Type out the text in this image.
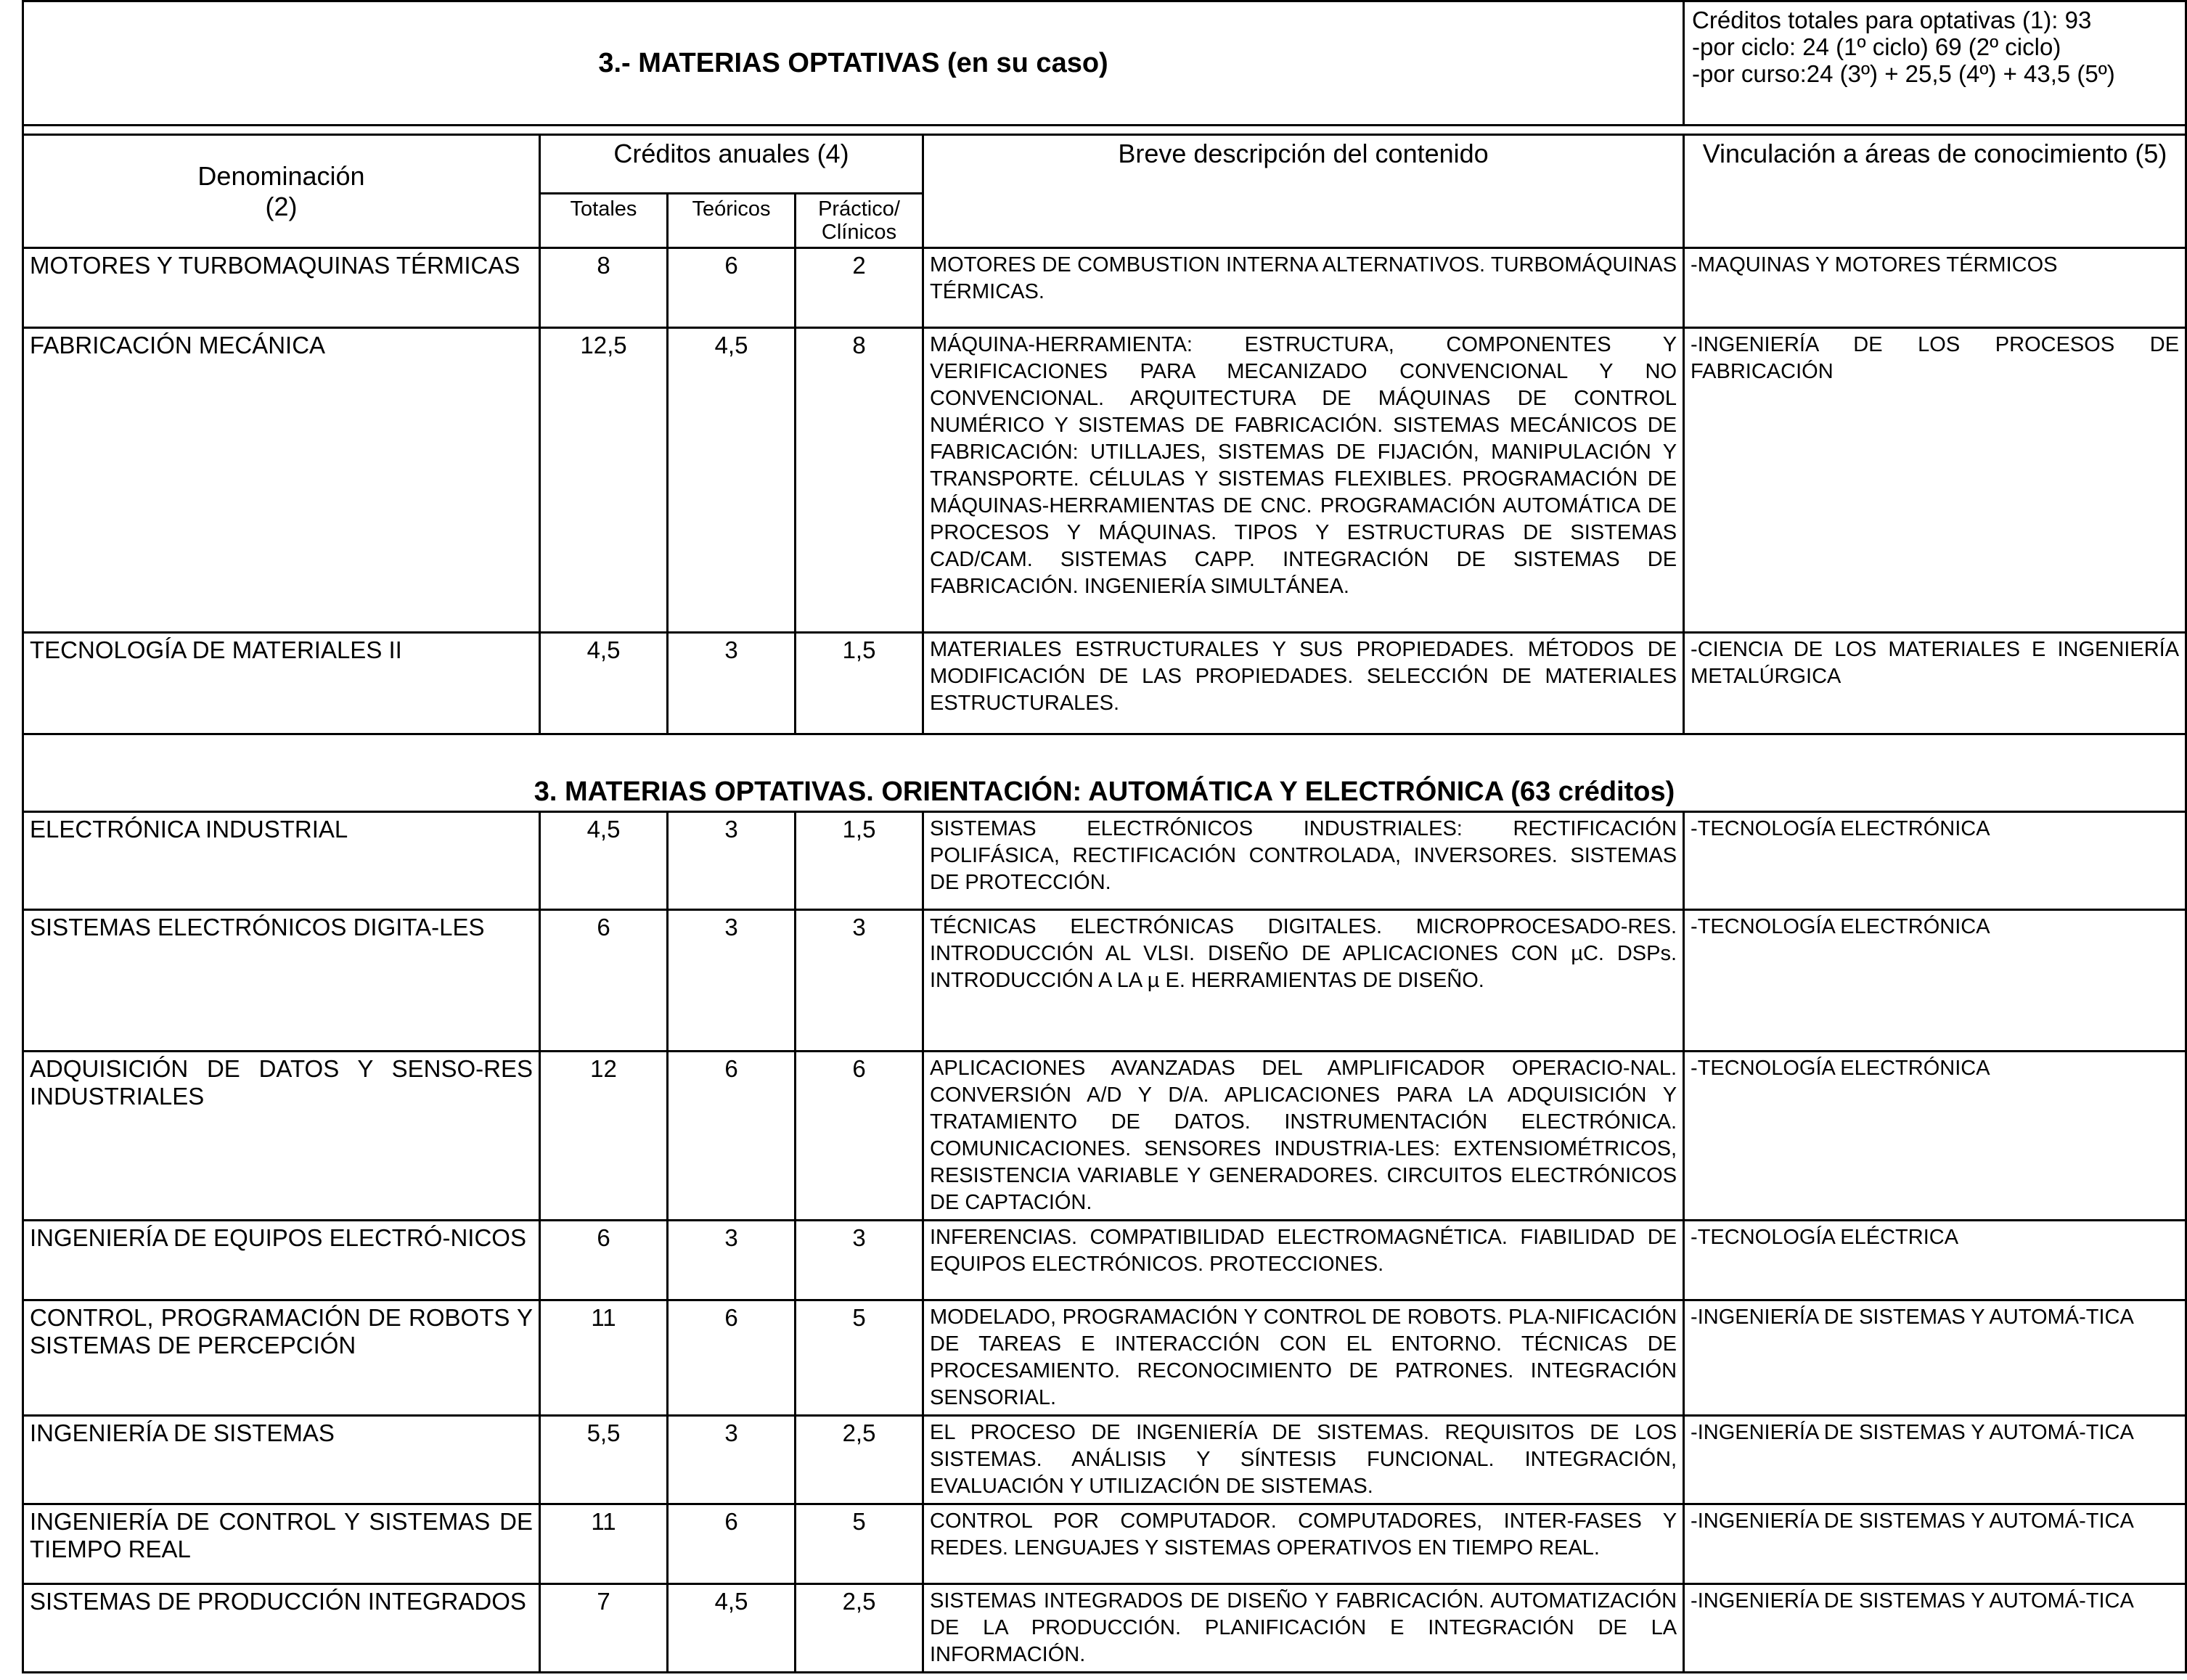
3.- MATERIAS OPTATIVAS (en su caso)					Créditos totales para optativas (1): 93
-por ciclo: 24 (1º ciclo) 69 (2º ciclo)
-por curso:24 (3º) + 25,5 (4º) + 43,5 (5º)

Denominación
(2)	Créditos anuales (4)			Breve descripción del contenido	Vinculación a áreas de conocimiento (5)
	Totales	Teóricos	Práctico/ Clínicos		
MOTORES Y TURBOMAQUINAS TÉRMICAS	8	6	2	MOTORES DE COMBUSTION INTERNA ALTERNATIVOS. TURBOMÁQUINAS TÉRMICAS.	-MAQUINAS Y MOTORES TÉRMICOS
FABRICACIÓN MECÁNICA	12,5	4,5	8	MÁQUINA-HERRAMIENTA: ESTRUCTURA, COMPONENTES Y VERIFICACIONES PARA MECANIZADO CONVENCIONAL Y NO CONVENCIONAL. ARQUITECTURA DE MÁQUINAS DE CONTROL NUMÉRICO Y SISTEMAS DE FABRICACIÓN. SISTEMAS MECÁNICOS DE FABRICACIÓN: UTILLAJES, SISTEMAS DE FIJACIÓN, MANIPULACIÓN Y TRANSPORTE. CÉLULAS Y SISTEMAS FLEXIBLES. PROGRAMACIÓN DE MÁQUINAS-HERRAMIENTAS DE CNC. PROGRAMACIÓN AUTOMÁTICA DE PROCESOS Y MÁQUINAS. TIPOS Y ESTRUCTURAS DE SISTEMAS CAD/CAM. SISTEMAS CAPP. INTEGRACIÓN DE SISTEMAS DE FABRICACIÓN. INGENIERÍA SIMULTÁNEA.	-INGENIERÍA DE LOS PROCESOS DE FABRICACIÓN
TECNOLOGÍA DE MATERIALES II	4,5	3	1,5	MATERIALES ESTRUCTURALES Y SUS PROPIEDADES. MÉTODOS DE MODIFICACIÓN DE LAS PROPIEDADES. SELECCIÓN DE MATERIALES ESTRUCTURALES.	-CIENCIA DE LOS MATERIALES E INGENIERÍA METALÚRGICA
3. MATERIAS OPTATIVAS. ORIENTACIÓN: AUTOMÁTICA Y ELECTRÓNICA (63 créditos)					
ELECTRÓNICA INDUSTRIAL	4,5	3	1,5	SISTEMAS ELECTRÓNICOS INDUSTRIALES: RECTIFICACIÓN POLIFÁSICA, RECTIFICACIÓN CONTROLADA, INVERSORES. SISTEMAS DE PROTECCIÓN.	-TECNOLOGÍA ELECTRÓNICA
SISTEMAS ELECTRÓNICOS DIGITA-LES	6	3	3	TÉCNICAS ELECTRÓNICAS DIGITALES. MICROPROCESADO-RES. INTRODUCCIÓN AL VLSI. DISEÑO DE APLICACIONES CON µC. DSPs. INTRODUCCIÓN A LA µ E. HERRAMIENTAS DE DISEÑO.	-TECNOLOGÍA ELECTRÓNICA
ADQUISICIÓN DE DATOS Y SENSO-RES INDUSTRIALES	12	6	6	APLICACIONES AVANZADAS DEL AMPLIFICADOR OPERACIO-NAL. CONVERSIÓN A/D Y D/A. APLICACIONES PARA LA ADQUISICIÓN Y TRATAMIENTO DE DATOS. INSTRUMENTACIÓN ELECTRÓNICA. COMUNICACIONES. SENSORES INDUSTRIA-LES: EXTENSIOMÉTRICOS, RESISTENCIA VARIABLE Y GENERADORES. CIRCUITOS ELECTRÓNICOS DE CAPTACIÓN.	-TECNOLOGÍA ELECTRÓNICA
INGENIERÍA DE EQUIPOS ELECTRÓ-NICOS	6	3	3	INFERENCIAS. COMPATIBILIDAD ELECTROMAGNÉTICA. FIABILIDAD DE EQUIPOS ELECTRÓNICOS. PROTECCIONES.	-TECNOLOGÍA ELÉCTRICA
CONTROL, PROGRAMACIÓN DE ROBOTS Y SISTEMAS DE PERCEPCIÓN	11	6	5	MODELADO, PROGRAMACIÓN Y CONTROL DE ROBOTS. PLA-NIFICACIÓN DE TAREAS E INTERACCIÓN CON EL ENTORNO. TÉCNICAS DE PROCESAMIENTO. RECONOCIMIENTO DE PATRONES. INTEGRACIÓN SENSORIAL.	-INGENIERÍA DE SISTEMAS Y AUTOMÁ-TICA
INGENIERÍA DE SISTEMAS	5,5	3	2,5	EL PROCESO DE INGENIERÍA DE SISTEMAS. REQUISITOS DE LOS SISTEMAS. ANÁLISIS Y SÍNTESIS FUNCIONAL. INTEGRACIÓN, EVALUACIÓN Y UTILIZACIÓN DE SISTEMAS.	-INGENIERÍA DE SISTEMAS Y AUTOMÁ-TICA
INGENIERÍA DE CONTROL Y SISTEMAS DE TIEMPO REAL	11	6	5	CONTROL POR COMPUTADOR. COMPUTADORES, INTER-FASES Y REDES. LENGUAJES Y SISTEMAS OPERATIVOS EN TIEMPO REAL.	-INGENIERÍA DE SISTEMAS Y AUTOMÁ-TICA
SISTEMAS DE PRODUCCIÓN INTEGRADOS	7	4,5	2,5	SISTEMAS INTEGRADOS DE DISEÑO Y FABRICACIÓN. AUTOMATIZACIÓN DE LA PRODUCCIÓN. PLANIFICACIÓN E INTEGRACIÓN DE LA INFORMACIÓN.	-INGENIERÍA DE SISTEMAS Y AUTOMÁ-TICA
